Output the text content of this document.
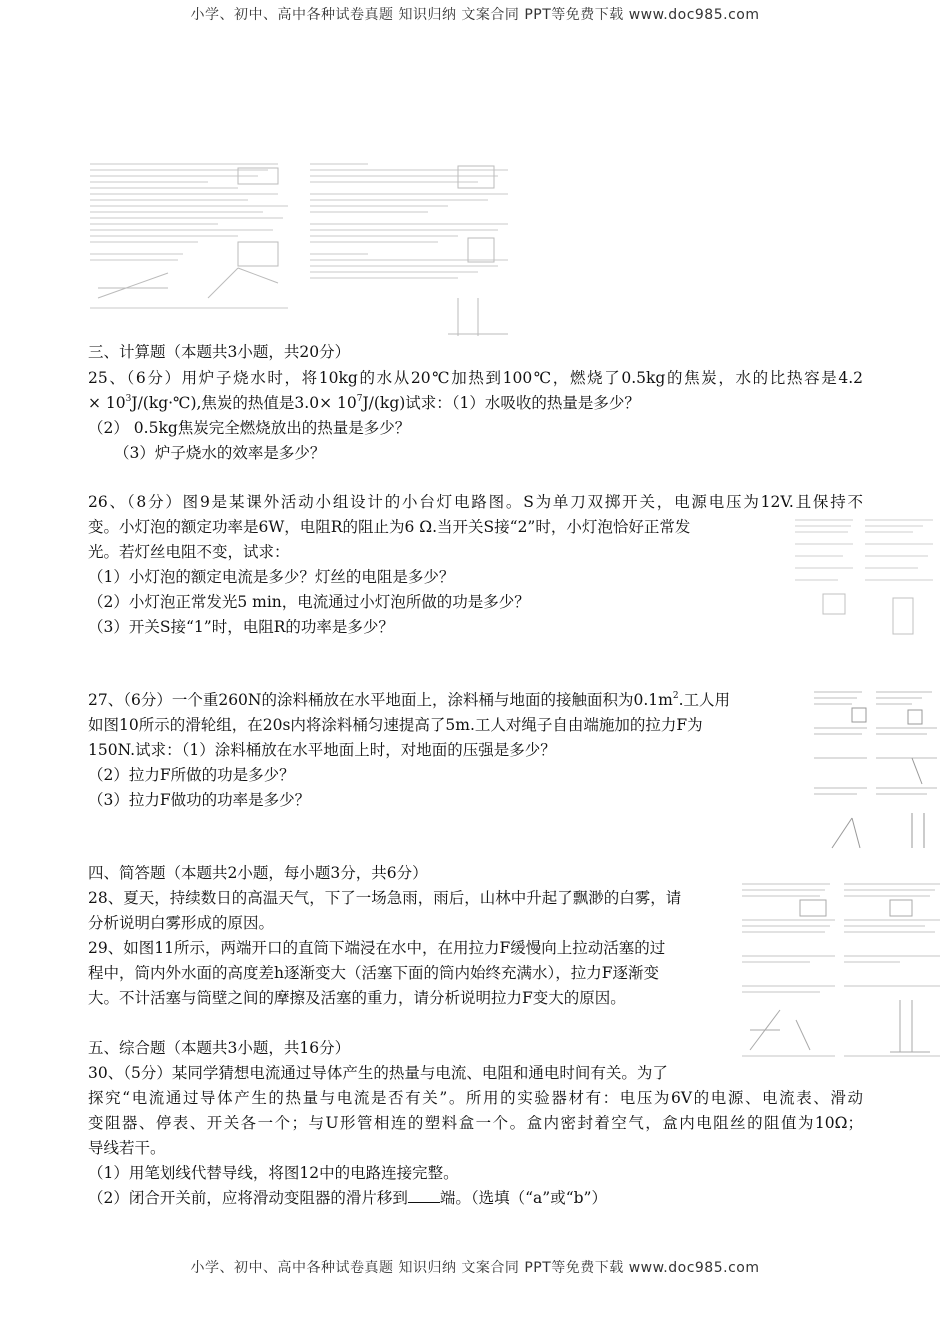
小学、初中、高中各种试卷真题 知识归纳 文案合同 PPT等免费下载 www.doc985.com
三、计算题（本题共3小题，共20分）
25、（6分）用炉子烧水时，将10kg的水从20℃加热到100℃，燃烧了0.5kg的焦炭，水的比热容是4.2
× $10^3J/(kg\cdot℃)$,焦炭的热值是$3.0\times 10^7J/(kg)$试求：（1）水吸收的热量是多少？
（2） 0.5kg焦炭完全燃烧放出的热量是多少？
（3）炉子烧水的效率是多少？
26、（8分）图9是某课外活动小组设计的小台灯电路图。S为单刀双掷开关，电源电压为12V.且保持不
变。小灯泡的额定功率是6W，电阻R的阻止为6 Ω.当开关S接“2”时，小灯泡恰好正常发
光。若灯丝电阻不变，试求：
（1）小灯泡的额定电流是多少？灯丝的电阻是多少？
（2）小灯泡正常发光5 min，电流通过小灯泡所做的功是多少？
（3）开关S接“1”时，电阻R的功率是多少？
27、（6分）一个重260N的涂料桶放在水平地面上，涂料桶与地面的接触面积为$0.1m^2$.工人用
如图10所示的滑轮组，在20s内将涂料桶匀速提高了5m.工人对绳子自由端施加的拉力F为
150N.试求：（1）涂料桶放在水平地面上时，对地面的压强是多少？
（2）拉力F所做的功是多少？
（3）拉力F做功的功率是多少？
四、简答题（本题共2小题，每小题3分，共6分）
28、夏天，持续数日的高温天气，下了一场急雨，雨后，山林中升起了飘渺的白雾，请
分析说明白雾形成的原因。
29、如图11所示，两端开口的直筒下端浸在水中，在用拉力F缓慢向上拉动活塞的过
程中，筒内外水面的高度差h逐渐变大（活塞下面的筒内始终充满水），拉力F逐渐变
大。不计活塞与筒壁之间的摩擦及活塞的重力，请分析说明拉力F变大的原因。
五、综合题（本题共3小题，共16分）
30、（5分）某同学猜想电流通过导体产生的热量与电流、电阻和通电时间有关。为了
探究“电流通过导体产生的热量与电流是否有关”。所用的实验器材有：电压为6V的电源、电流表、滑动
变阻器、停表、开关各一个；与U形管相连的塑料盒一个。盒内密封着空气，盒内电阻丝的阻值为10Ω；
导线若干。
（1）用笔划线代替导线，将图12中的电路连接完整。
（2）闭合开关前，应将滑动变阻器的滑片移到 端。（选填（“a”或“b”）
小学、初中、高中各种试卷真题 知识归纳 文案合同 PPT等免费下载 www.doc985.com
